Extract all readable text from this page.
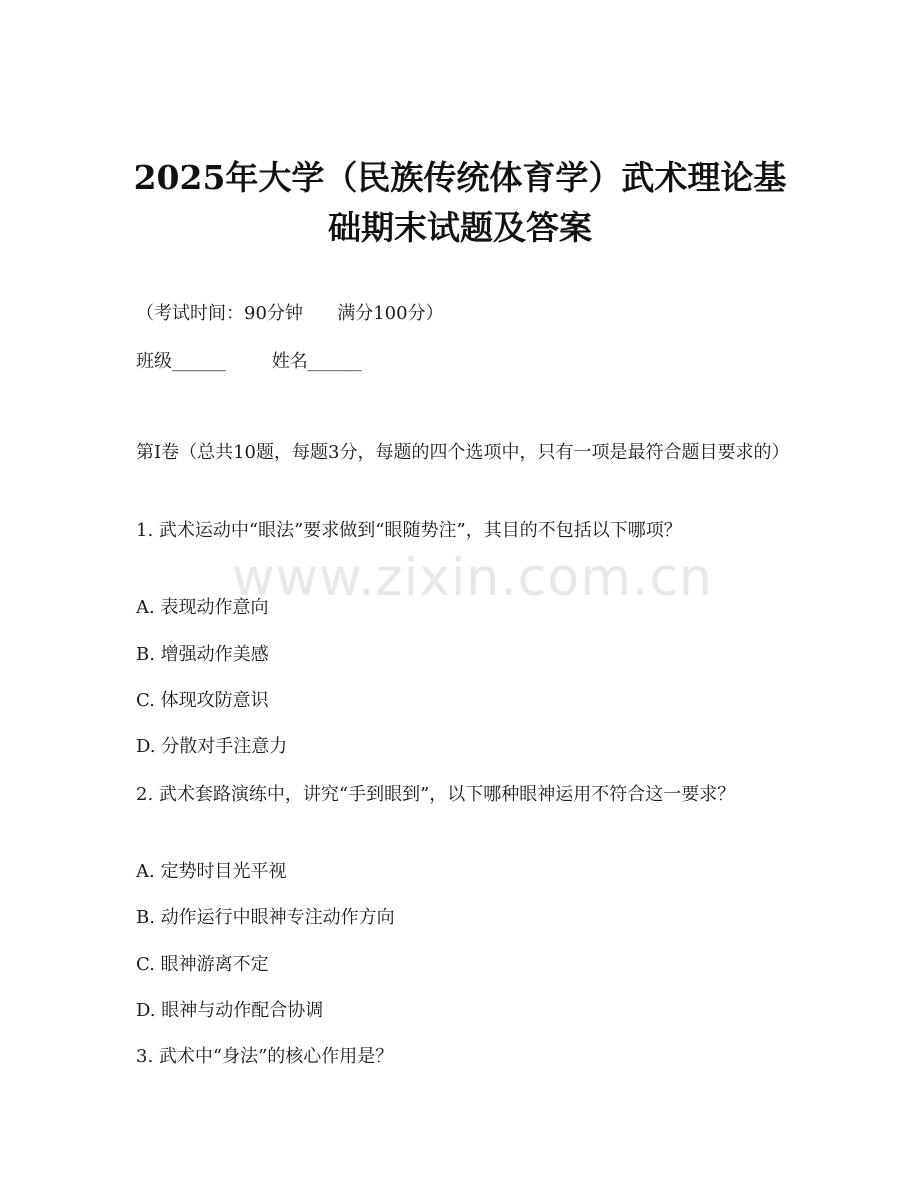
2025年大学（民族传统体育学）武术理论基
础期末试题及答案
（考试时间：90分钟      满分100分）
班级______        姓名______
第I卷（总共10题，每题3分，每题的四个选项中，只有一项是最符合题目要求的）
1. 武术运动中“眼法”要求做到“眼随势注”，其目的不包括以下哪项？
A. 表现动作意向
B. 增强动作美感
C. 体现攻防意识
D. 分散对手注意力
2. 武术套路演练中，讲究“手到眼到”，以下哪种眼神运用不符合这一要求？
A. 定势时目光平视
B. 动作运行中眼神专注动作方向
C. 眼神游离不定
D. 眼神与动作配合协调
3. 武术中“身法”的核心作用是？
www.zixin.com.cn
